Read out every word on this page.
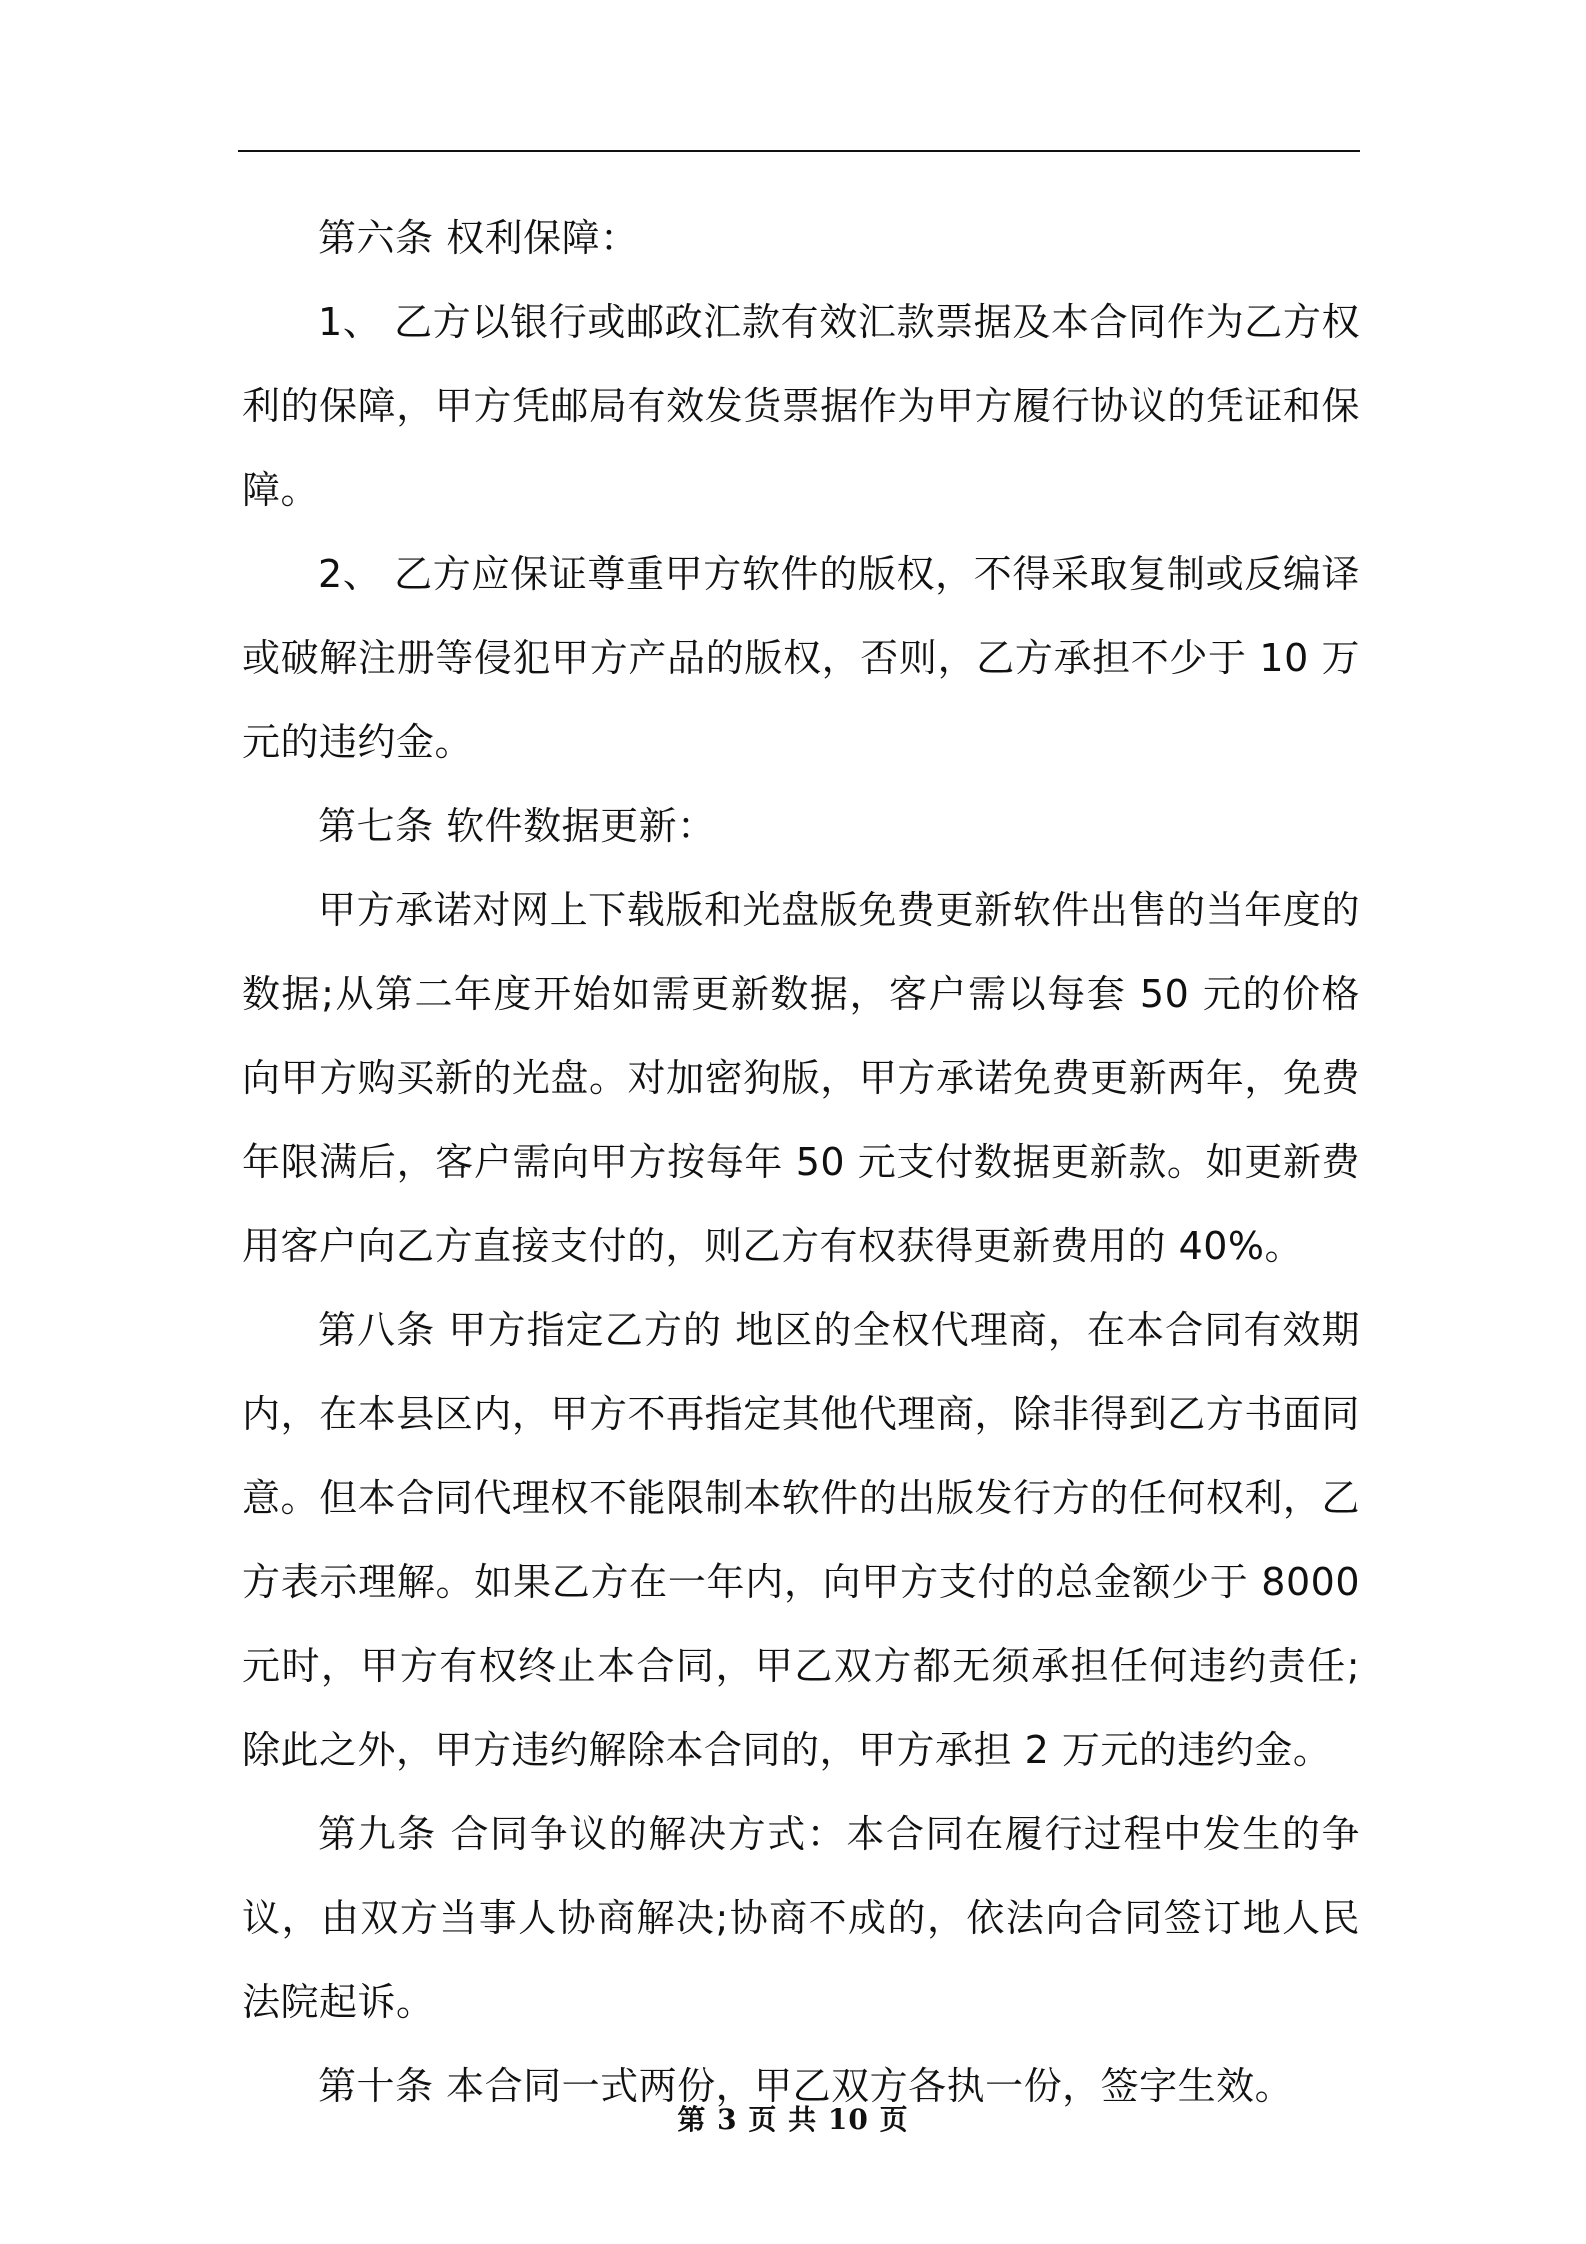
第六条 权利保障：

1、 乙方以银行或邮政汇款有效汇款票据及本合同作为乙方权利的保障，甲方凭邮局有效发货票据作为甲方履行协议的凭证和保障。

2、 乙方应保证尊重甲方软件的版权，不得采取复制或反编译或破解注册等侵犯甲方产品的版权，否则，乙方承担不少于 10 万元的违约金。

第七条 软件数据更新：

甲方承诺对网上下载版和光盘版免费更新软件出售的当年度的数据;从第二年度开始如需更新数据，客户需以每套 50 元的价格向甲方购买新的光盘。对加密狗版，甲方承诺免费更新两年，免费年限满后，客户需向甲方按每年 50 元支付数据更新款。如更新费用客户向乙方直接支付的，则乙方有权获得更新费用的 40%。

第八条 甲方指定乙方的 地区的全权代理商，在本合同有效期内，在本县区内，甲方不再指定其他代理商，除非得到乙方书面同意。但本合同代理权不能限制本软件的出版发行方的任何权利，乙方表示理解。如果乙方在一年内，向甲方支付的总金额少于 8000 元时，甲方有权终止本合同，甲乙双方都无须承担任何违约责任;除此之外，甲方违约解除本合同的，甲方承担 2 万元的违约金。

第九条 合同争议的解决方式：本合同在履行过程中发生的争议，由双方当事人协商解决;协商不成的，依法向合同签订地人民法院起诉。

第十条 本合同一式两份，甲乙双方各执一份，签字生效。

第 3 页 共 10 页
